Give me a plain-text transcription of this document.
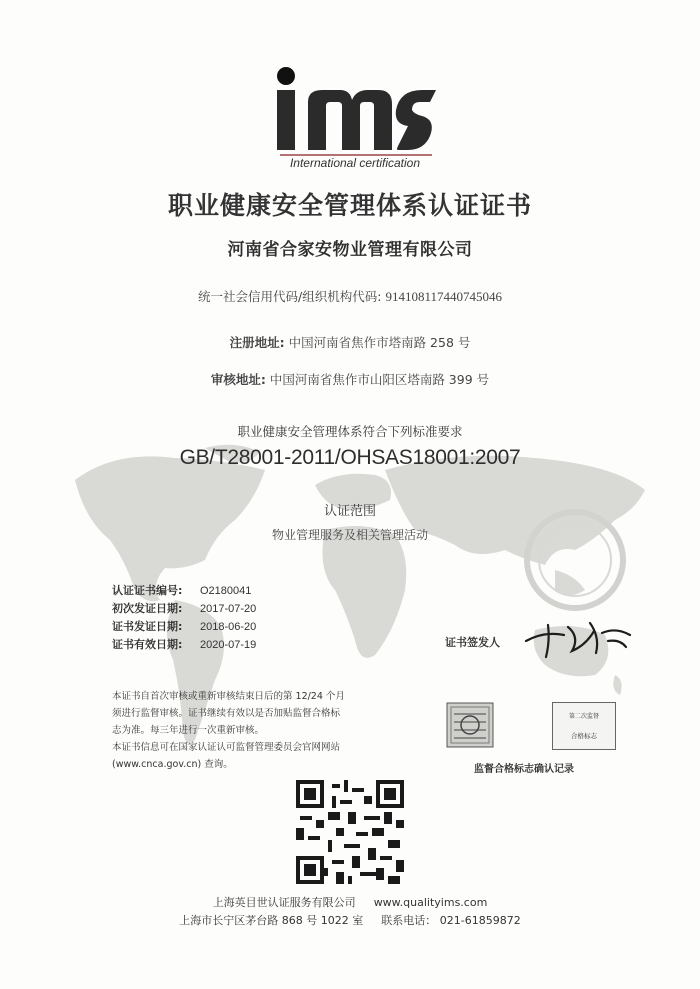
International certification
职业健康安全管理体系认证证书
河南省合家安物业管理有限公司
统一社会信用代码/组织机构代码: 914108117440745046
注册地址: 中国河南省焦作市塔南路 258 号
审核地址: 中国河南省焦作市山阳区塔南路 399 号
职业健康安全管理体系符合下列标准要求
GB/T28001-2011/OHSAS18001:2007
认证范围
物业管理服务及相关管理活动
认证证书编号: O2180041
初次发证日期: 2017-07-20
证书发证日期: 2018-06-20
证书有效日期: 2020-07-19	证书签发人
本证书自首次审核或重新审核结束日后的第 12/24 个月
须进行监督审核。证书继续有效以是否加贴监督合格标
志为准。每三年进行一次重新审核。
本证书信息可在国家认证认可监督管理委员会官网网站
(www.cnca.gov.cn) 查询。
第二次监督
合格标志
监督合格标志确认记录
上海英目世认证服务有限公司 www.qualityims.com
上海市长宁区茅台路 868 号 1022 室 联系电话： 021-61859872
